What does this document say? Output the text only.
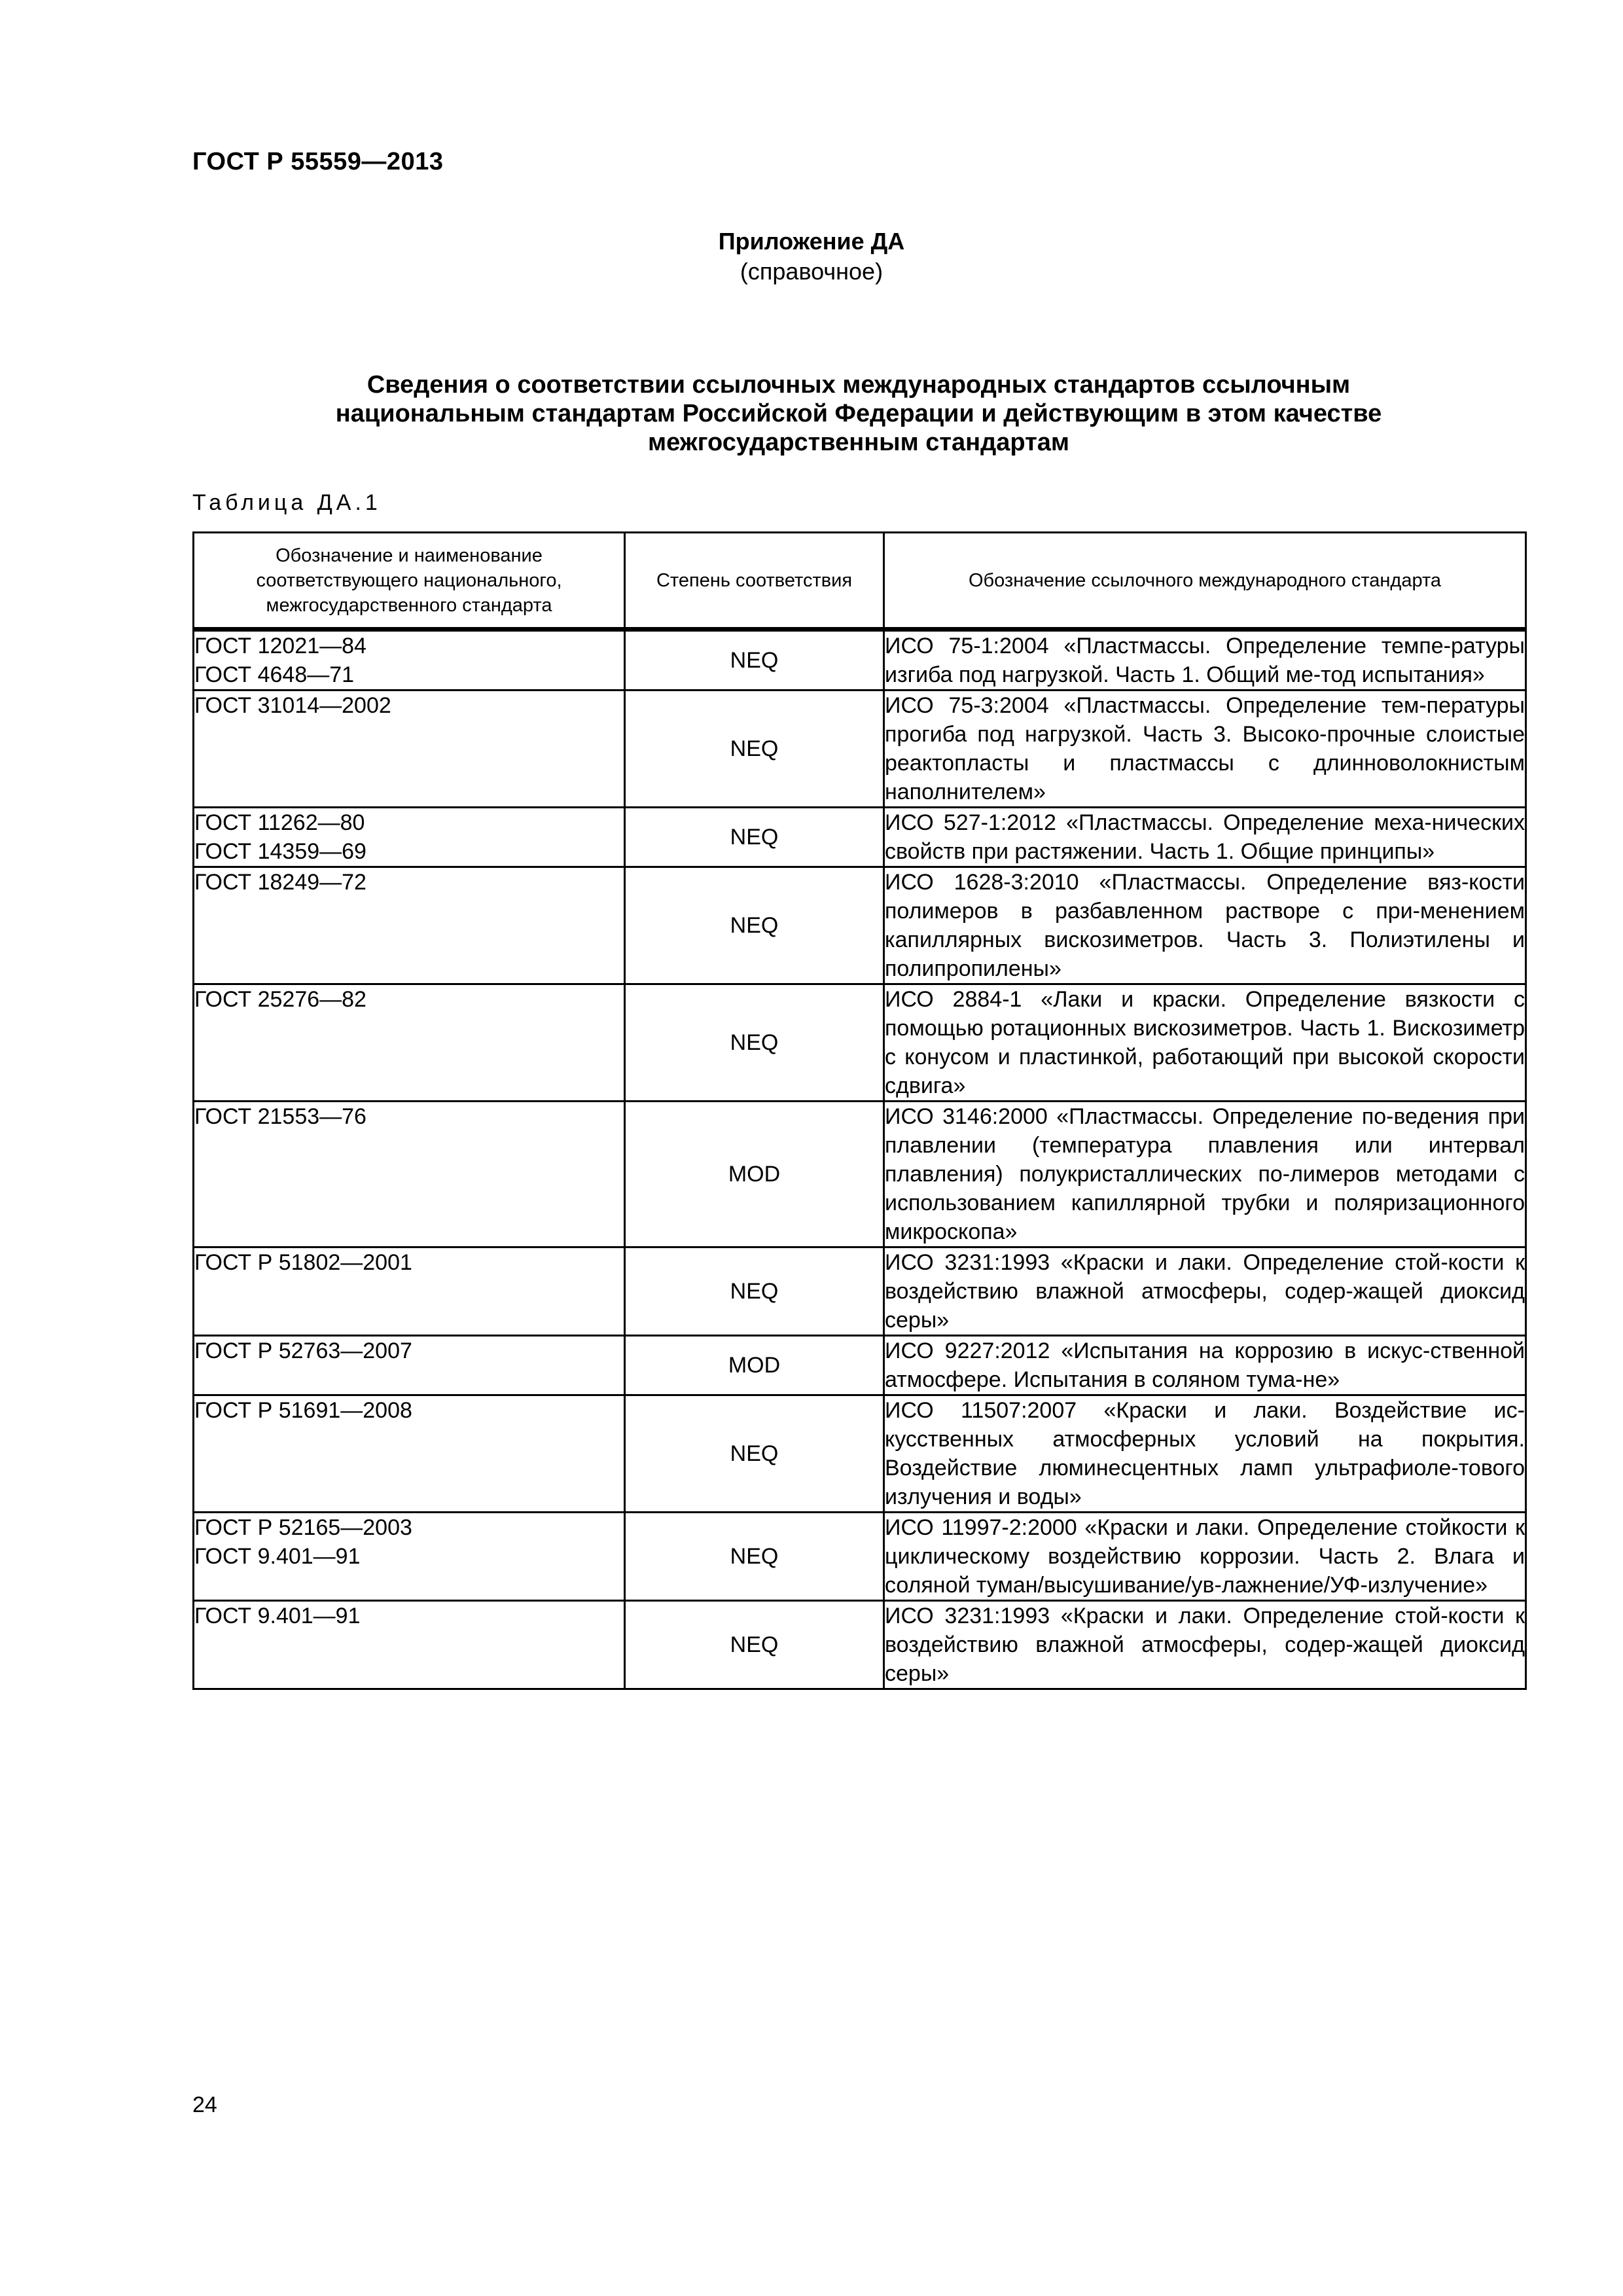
ГОСТ Р 55559—2013
Приложение ДА
(справочное)
Сведения о соответствии ссылочных международных стандартов ссылочным
национальным стандартам Российской Федерации и действующим в этом качестве
межгосударственным стандартам
Таблица ДА.1
Обозначение и наименование соответствующего национального, межгосударственного стандарта	Степень соответствия	Обозначение ссылочного международного стандарта

ГОСТ 12021—84
ГОСТ 4648—71	NEQ	ИСО 75-1:2004 «Пластмассы. Определение темпе-ратуры изгиба под нагрузкой. Часть 1. Общий ме-тод испытания»

ГОСТ 31014—2002	NEQ	ИСО 75-3:2004 «Пластмассы. Определение тем-пературы прогиба под нагрузкой. Часть 3. Высоко-прочные слоистые реактопласты и пластмассы с длинноволокнистым наполнителем»

ГОСТ 11262—80
ГОСТ 14359—69	NEQ	ИСО 527-1:2012 «Пластмассы. Определение меха-нических свойств при растяжении. Часть 1. Общие принципы»

ГОСТ 18249—72	NEQ	ИСО 1628-3:2010 «Пластмассы. Определение вяз-кости полимеров в разбавленном растворе с при-менением капиллярных вискозиметров. Часть 3. Полиэтилены и полипропилены»

ГОСТ 25276—82	NEQ	ИСО 2884-1 «Лаки и краски. Определение вязкости с помощью ротационных вискозиметров. Часть 1. Вискозиметр с конусом и пластинкой, работающий при высокой скорости сдвига»

ГОСТ 21553—76	MOD	ИСО 3146:2000 «Пластмассы. Определение по-ведения при плавлении (температура плавления или интервал плавления) полукристаллических по-лимеров методами с использованием капиллярной трубки и поляризационного микроскопа»

ГОСТ Р 51802—2001	NEQ	ИСО 3231:1993 «Краски и лаки. Определение стой-кости к воздействию влажной атмосферы, содер-жащей диоксид серы»

ГОСТ Р 52763—2007	MOD	ИСО 9227:2012 «Испытания на коррозию в искус-ственной атмосфере. Испытания в соляном тума-не»

ГОСТ Р 51691—2008	NEQ	ИСО 11507:2007 «Краски и лаки. Воздействие ис-кусственных атмосферных условий на покрытия. Воздействие люминесцентных ламп ультрафиоле-тового излучения и воды»

ГОСТ Р 52165—2003
ГОСТ 9.401—91	NEQ	ИСО 11997-2:2000 «Краски и лаки. Определение стойкости к циклическому воздействию коррозии. Часть 2. Влага и соляной туман/высушивание/ув-лажнение/УФ-излучение»

ГОСТ 9.401—91	NEQ	ИСО 3231:1993 «Краски и лаки. Определение стой-кости к воздействию влажной атмосферы, содер-жащей диоксид серы»
24
